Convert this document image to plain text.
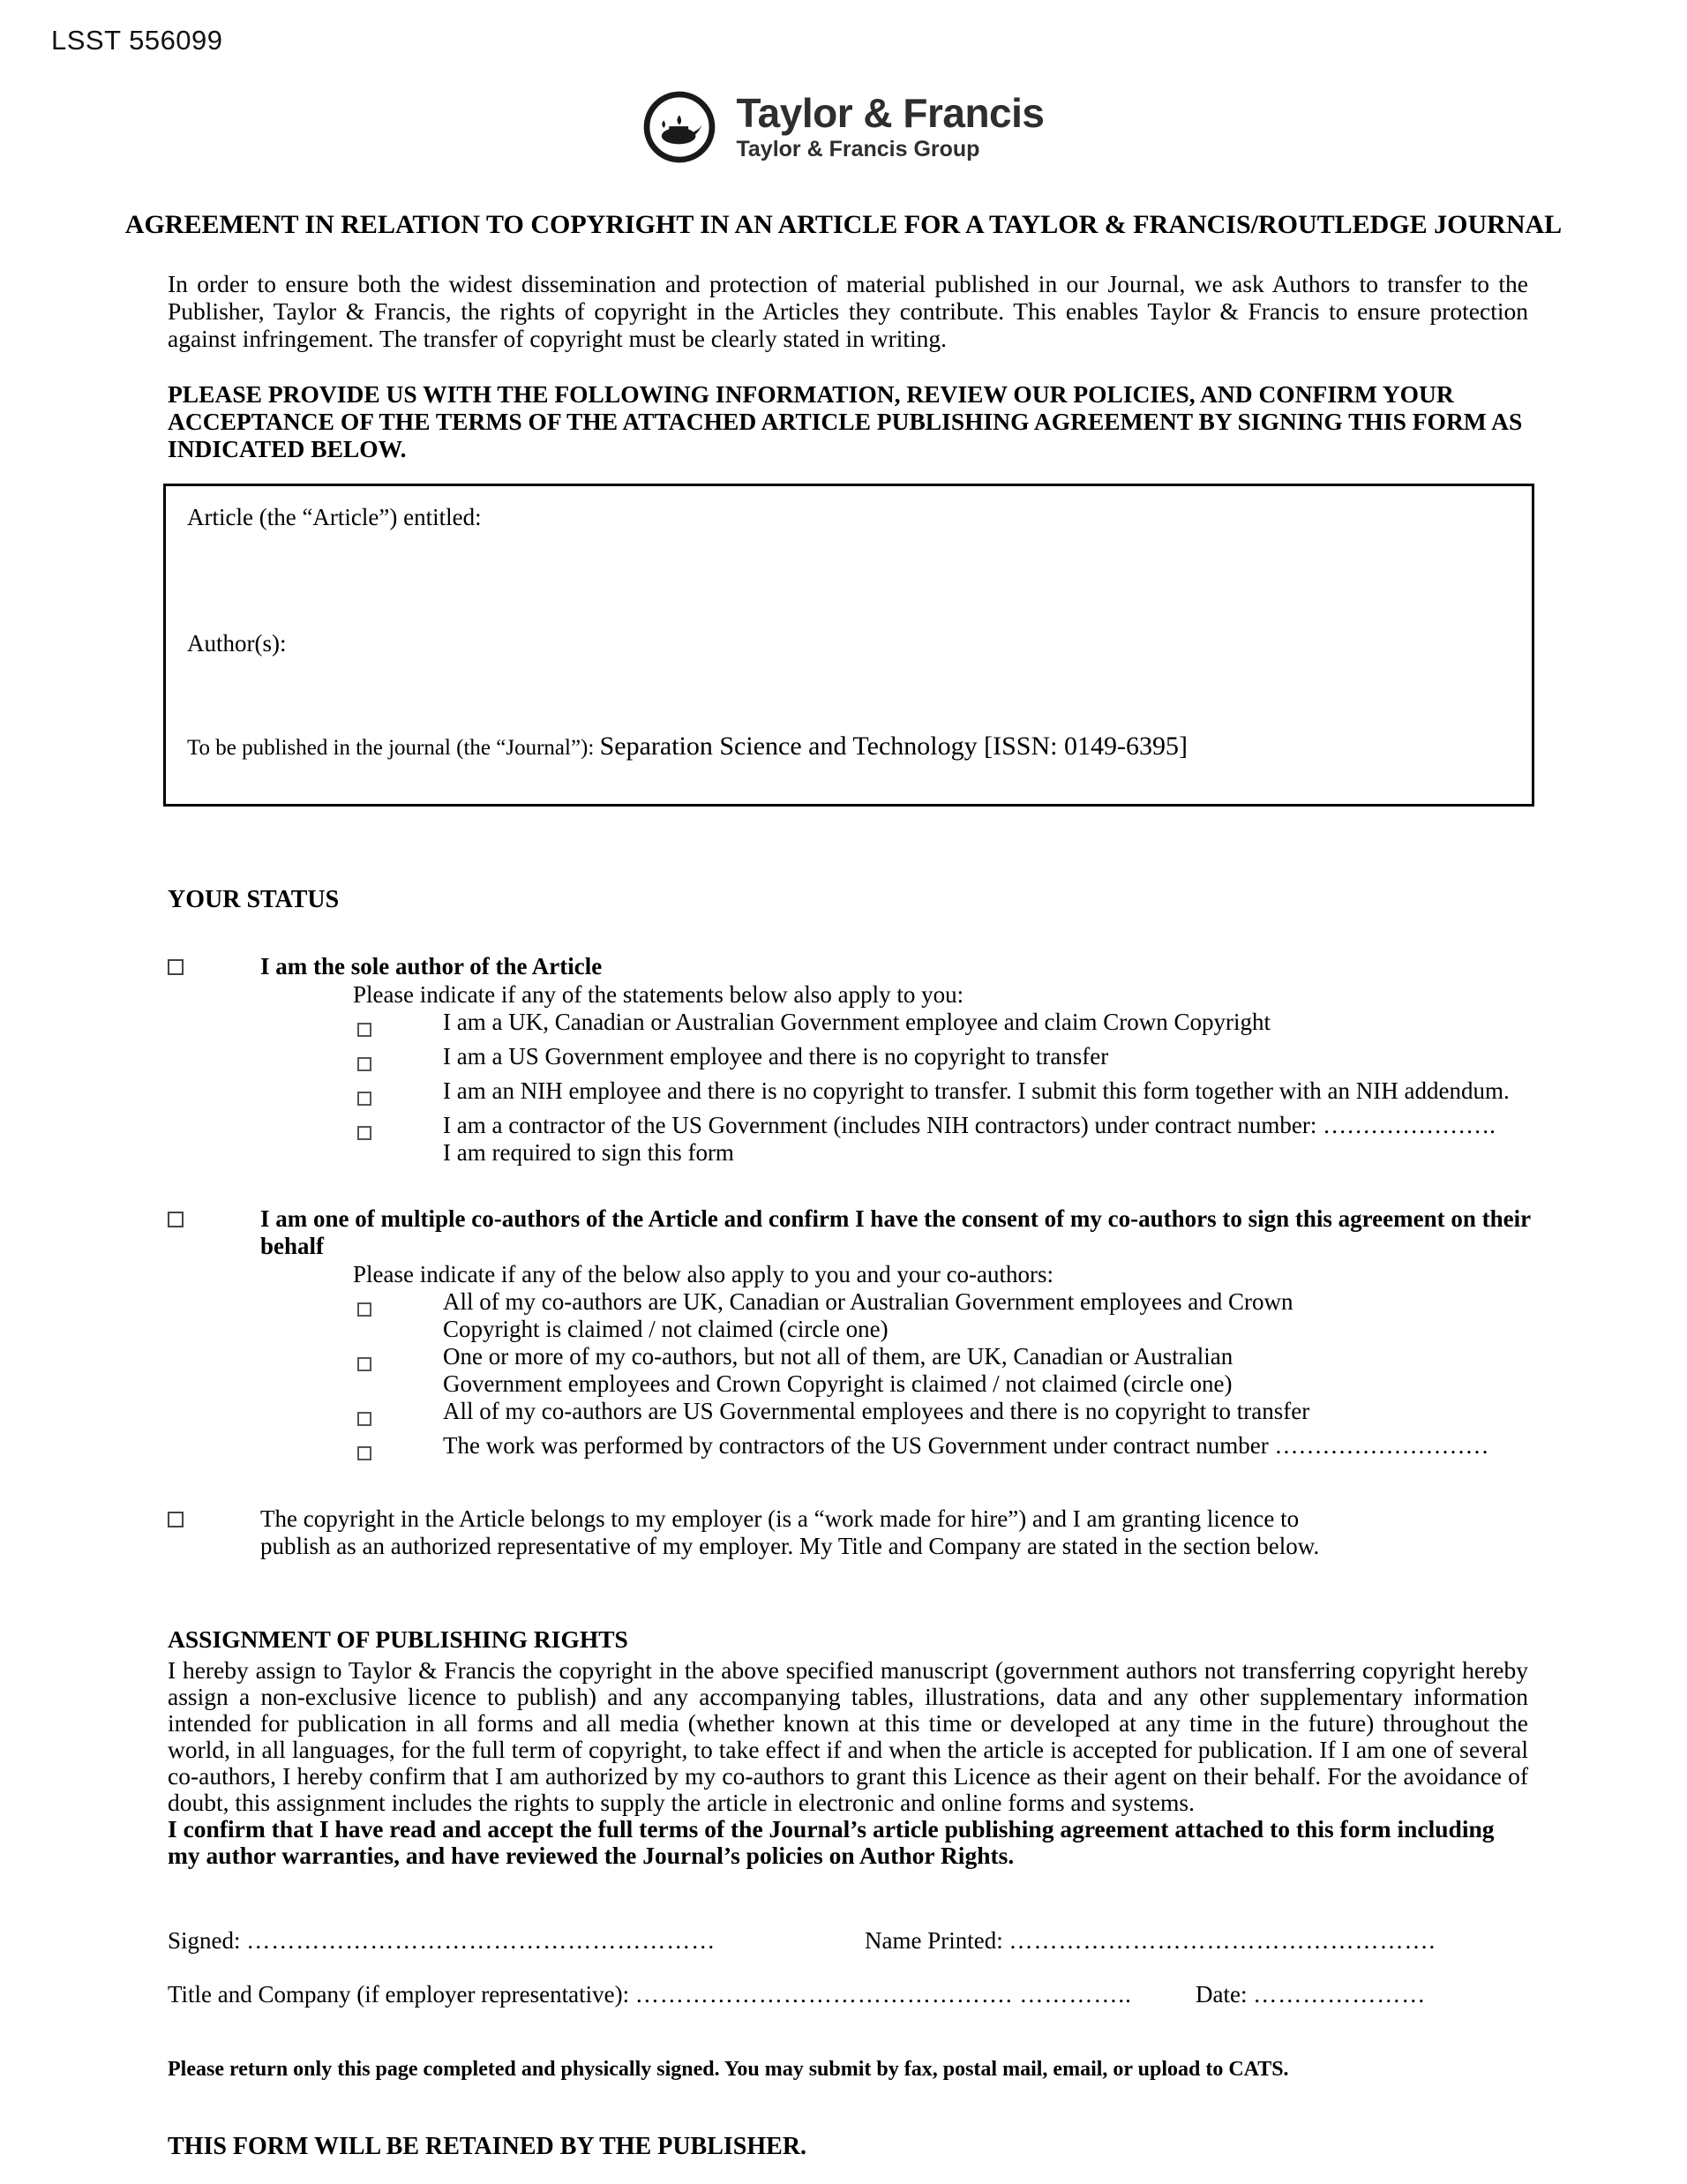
LSST 556099
Taylor & Francis
Taylor & Francis Group
AGREEMENT IN RELATION TO COPYRIGHT IN AN ARTICLE FOR A TAYLOR & FRANCIS/ROUTLEDGE JOURNAL
In order to ensure both the widest dissemination and protection of material published in our Journal, we ask Authors to transfer to the Publisher, Taylor & Francis, the rights of copyright in the Articles they contribute. This enables Taylor & Francis to ensure protection against infringement. The transfer of copyright must be clearly stated in writing.
PLEASE PROVIDE US WITH THE FOLLOWING INFORMATION, REVIEW OUR POLICIES, AND CONFIRM YOUR ACCEPTANCE OF THE TERMS OF THE ATTACHED ARTICLE PUBLISHING AGREEMENT BY SIGNING THIS FORM AS INDICATED BELOW.
Article (the “Article”) entitled:
Author(s):
To be published in the journal (the “Journal”): Separation Science and Technology [ISSN: 0149-6395]
YOUR STATUS
I am the sole author of the Article
Please indicate if any of the statements below also apply to you:
I am a UK, Canadian or Australian Government employee and claim Crown Copyright
I am a US Government employee and there is no copyright to transfer
I am an NIH employee and there is no copyright to transfer. I submit this form together with an NIH addendum.
I am a contractor of the US Government (includes NIH contractors) under contract number: ………………….
I am required to sign this form
I am one of multiple co-authors of the Article and confirm I have the consent of my co-authors to sign this agreement on their behalf
Please indicate if any of the below also apply to you and your co-authors:
All of my co-authors are UK, Canadian or Australian Government employees and Crown
Copyright is claimed / not claimed (circle one)
One or more of my co-authors, but not all of them, are UK, Canadian or Australian
Government employees and Crown Copyright is claimed / not claimed (circle one)
All of my co-authors are US Governmental employees and there is no copyright to transfer
The work was performed by contractors of the US Government under contract number ………………………
The copyright in the Article belongs to my employer (is a “work made for hire”) and I am granting licence to
publish as an authorized representative of my employer. My Title and Company are stated in the section below.
ASSIGNMENT OF PUBLISHING RIGHTS
I hereby assign to Taylor & Francis the copyright in the above specified manuscript (government authors not transferring copyright hereby assign a non-exclusive licence to publish) and any accompanying tables, illustrations, data and any other supplementary information intended for publication in all forms and all media (whether known at this time or developed at any time in the future) throughout the world, in all languages, for the full term of copyright, to take effect if and when the article is accepted for publication. If I am one of several co-authors, I hereby confirm that I am authorized by my co-authors to grant this Licence as their agent on their behalf. For the avoidance of doubt, this assignment includes the rights to supply the article in electronic and online forms and systems.
I confirm that I have read and accept the full terms of the Journal’s article publishing agreement attached to this form including my author warranties, and have reviewed the Journal’s policies on Author Rights.
Signed: …………………………………………………	Name Printed: …………………………………………….
Title and Company (if employer representative): ………………………………………. …………..	Date: …………………
Please return only this page completed and physically signed. You may submit by fax, postal mail, email, or upload to CATS.
THIS FORM WILL BE RETAINED BY THE PUBLISHER.
